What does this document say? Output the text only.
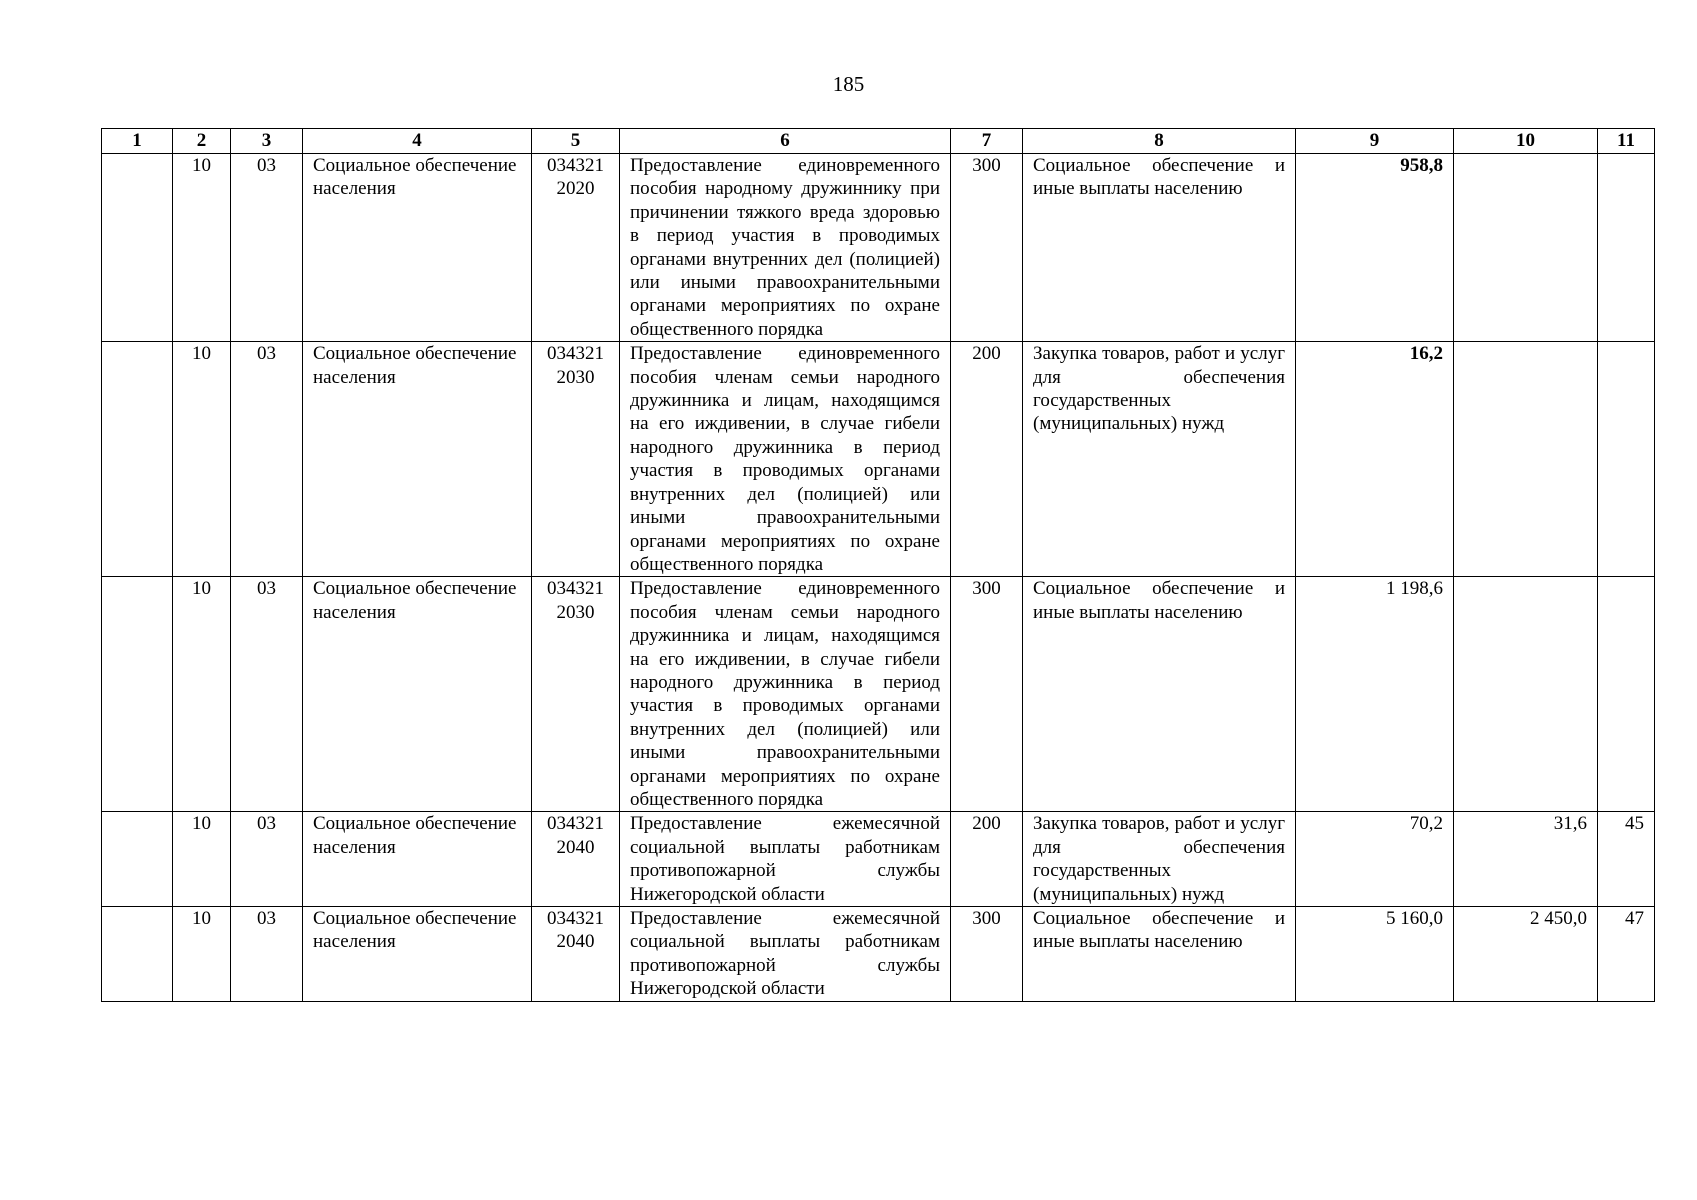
185
1	2	3	4	5	6	7	8	9	10	11
	10	03	Социальное обеспечение населения	034321 2020	Предоставление единовременного пособия народному дружиннику при причинении тяжкого вреда здоровью в период участия в проводимых органами внутренних дел (полицией) или иными правоохранительными органами мероприятиях по охране общественного порядка	300	Социальное обеспечение и иные выплаты населению	958,8		
	10	03	Социальное обеспечение населения	034321 2030	Предоставление единовременного пособия членам семьи народного дружинника и лицам, находящимся на его иждивении, в случае гибели народного дружинника в период участия в проводимых органами внутренних дел (полицией) или иными правоохранительными органами мероприятиях по охране общественного порядка	200	Закупка товаров, работ и услуг для обеспечения государственных (муниципальных) нужд	16,2		
	10	03	Социальное обеспечение населения	034321 2030	Предоставление единовременного пособия членам семьи народного дружинника и лицам, находящимся на его иждивении, в случае гибели народного дружинника в период участия в проводимых органами внутренних дел (полицией) или иными правоохранительными органами мероприятиях по охране общественного порядка	300	Социальное обеспечение и иные выплаты населению	1 198,6		
	10	03	Социальное обеспечение населения	034321 2040	Предоставление ежемесячной социальной выплаты работникам противопожарной службы Нижегородской области	200	Закупка товаров, работ и услуг для обеспечения государственных (муниципальных) нужд	70,2	31,6	45
	10	03	Социальное обеспечение населения	034321 2040	Предоставление ежемесячной социальной выплаты работникам противопожарной службы Нижегородской области	300	Социальное обеспечение и иные выплаты населению	5 160,0	2 450,0	47
